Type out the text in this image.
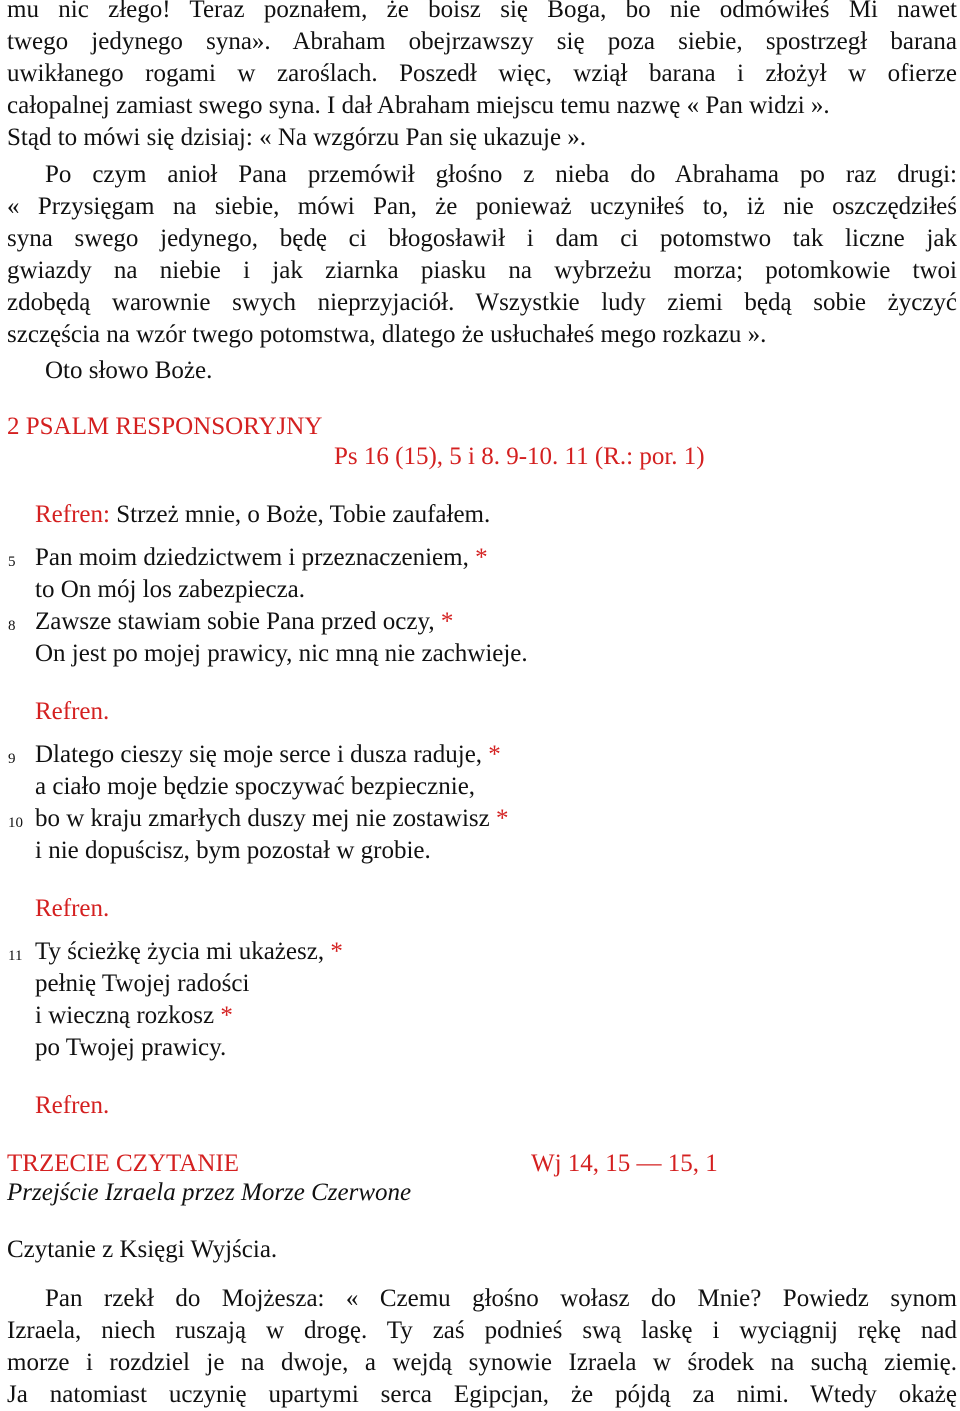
mu nic złego! Teraz poznałem, że boisz się Boga, bo nie odmówiłeś Mi nawet
twego jedynego syna». Abraham obejrzawszy się poza siebie, spostrzegł barana
uwikłanego rogami w zaroślach. Poszedł więc, wziął barana i złożył w ofierze
całopalnej zamiast swego syna. I dał Abraham miejscu temu nazwę « Pan widzi ».
Stąd to mówi się dzisiaj: « Na wzgórzu Pan się ukazuje ».
Po czym anioł Pana przemówił głośno z nieba do Abrahama po raz drugi:
« Przysięgam na siebie, mówi Pan, że ponieważ uczyniłeś to, iż nie oszczędziłeś
syna swego jedynego, będę ci błogosławił i dam ci potomstwo tak liczne jak
gwiazdy na niebie i jak ziarnka piasku na wybrzeżu morza; potomkowie twoi
zdobędą warownie swych nieprzyjaciół. Wszystkie ludy ziemi będą sobie życzyć
szczęścia na wzór twego potomstwa, dlatego że usłuchałeś mego rozkazu ».
Oto słowo Boże.
2 PSALM RESPONSORYJNY
Ps 16 (15), 5 i 8. 9-10. 11 (R.: por. 1)
Refren: Strzeż mnie, o Boże, Tobie zaufałem.
5 Pan moim dziedzictwem i przeznaczeniem, *
to On mój los zabezpiecza.
8 Zawsze stawiam sobie Pana przed oczy, *
On jest po mojej prawicy, nic mną nie zachwieje.
Refren.
9 Dlatego cieszy się moje serce i dusza raduje, *
a ciało moje będzie spoczywać bezpiecznie,
10 bo w kraju zmarłych duszy mej nie zostawisz *
i nie dopuścisz, bym pozostał w grobie.
Refren.
11 Ty ścieżkę życia mi ukażesz, *
pełnię Twojej radości
i wieczną rozkosz *
po Twojej prawicy.
Refren.
TRZECIE CZYTANIE	Wj 14, 15 — 15, 1
Przejście Izraela przez Morze Czerwone
Czytanie z Księgi Wyjścia.
Pan rzekł do Mojżesza: « Czemu głośno wołasz do Mnie? Powiedz synom
Izraela, niech ruszają w drogę. Ty zaś podnieś swą laskę i wyciągnij rękę nad
morze i rozdziel je na dwoje, a wejdą synowie Izraela w środek na suchą ziemię.
Ja natomiast uczynię upartymi serca Egipcjan, że pójdą za nimi. Wtedy okażę
